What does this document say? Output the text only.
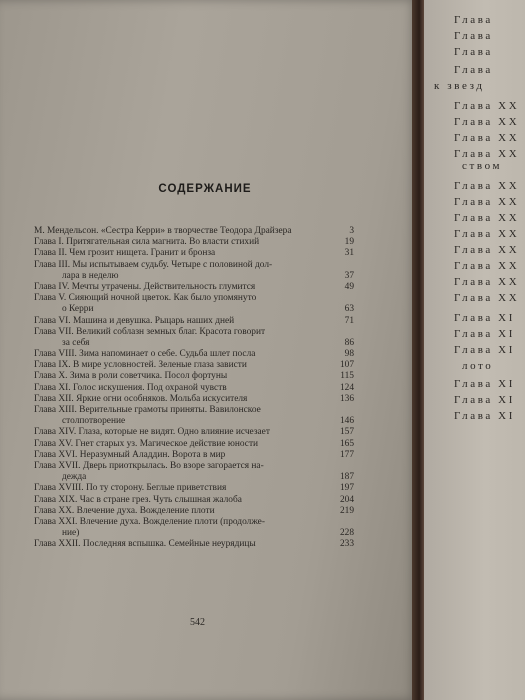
СОДЕРЖАНИЕ
М. Мендельсон. «Сестра Керри» в творчестве Теодора Драйзера	3
Глава I. Притягательная сила магнита. Во власти стихий	19
Глава II. Чем грозит нищета. Гранит и бронза	31
Глава III. Мы испытываем судьбу. Четыре с половиной дол-
лара в неделю	37
Глава IV. Мечты утрачены. Действительность глумится	49
Глава V. Сияющий ночной цветок. Как было упомянуто
о Керри	63
Глава VI. Машина и девушка. Рыцарь наших дней	71
Глава VII. Великий соблазн земных благ. Красота говорит
за себя	86
Глава VIII. Зима напоминает о себе. Судьба шлет посла	98
Глава IX. В мире условностей. Зеленые глаза зависти	107
Глава X. Зима в роли советчика. Посол фортуны	115
Глава XI. Голос искушения. Под охраной чувств	124
Глава XII. Яркие огни особняков. Мольба искусителя	136
Глава XIII. Верительные грамоты приняты. Вавилонское
столпотворение	146
Глава XIV. Глаза, которые не видят. Одно влияние исчезает	157
Глава XV. Гнет старых уз. Магическое действие юности	165
Глава XVI. Неразумный Аладдин. Ворота в мир	177
Глава XVII. Дверь приоткрылась. Во взоре загорается на-
дежда	187
Глава XVIII. По ту сторону. Беглые приветствия	197
Глава XIX. Час в стране грез. Чуть слышная жалоба	204
Глава XX. Влечение духа. Вожделение плоти	219
Глава XXI. Влечение духа. Вожделение плоти (продолже-
ние)	228
Глава XXII. Последняя вспышка. Семейные неурядицы	233
542
Глава
Глава
Глава
Глава
к звезд
Глава XX
Глава XX
Глава XX
Глава XX
ством
Глава XX
Глава XX
Глава XX
Глава XX
Глава XX
Глава XX
Глава XX
Глава XX
Глава XI
Глава XI
Глава XI
лото
Глава XI
Глава XI
Глава XI
